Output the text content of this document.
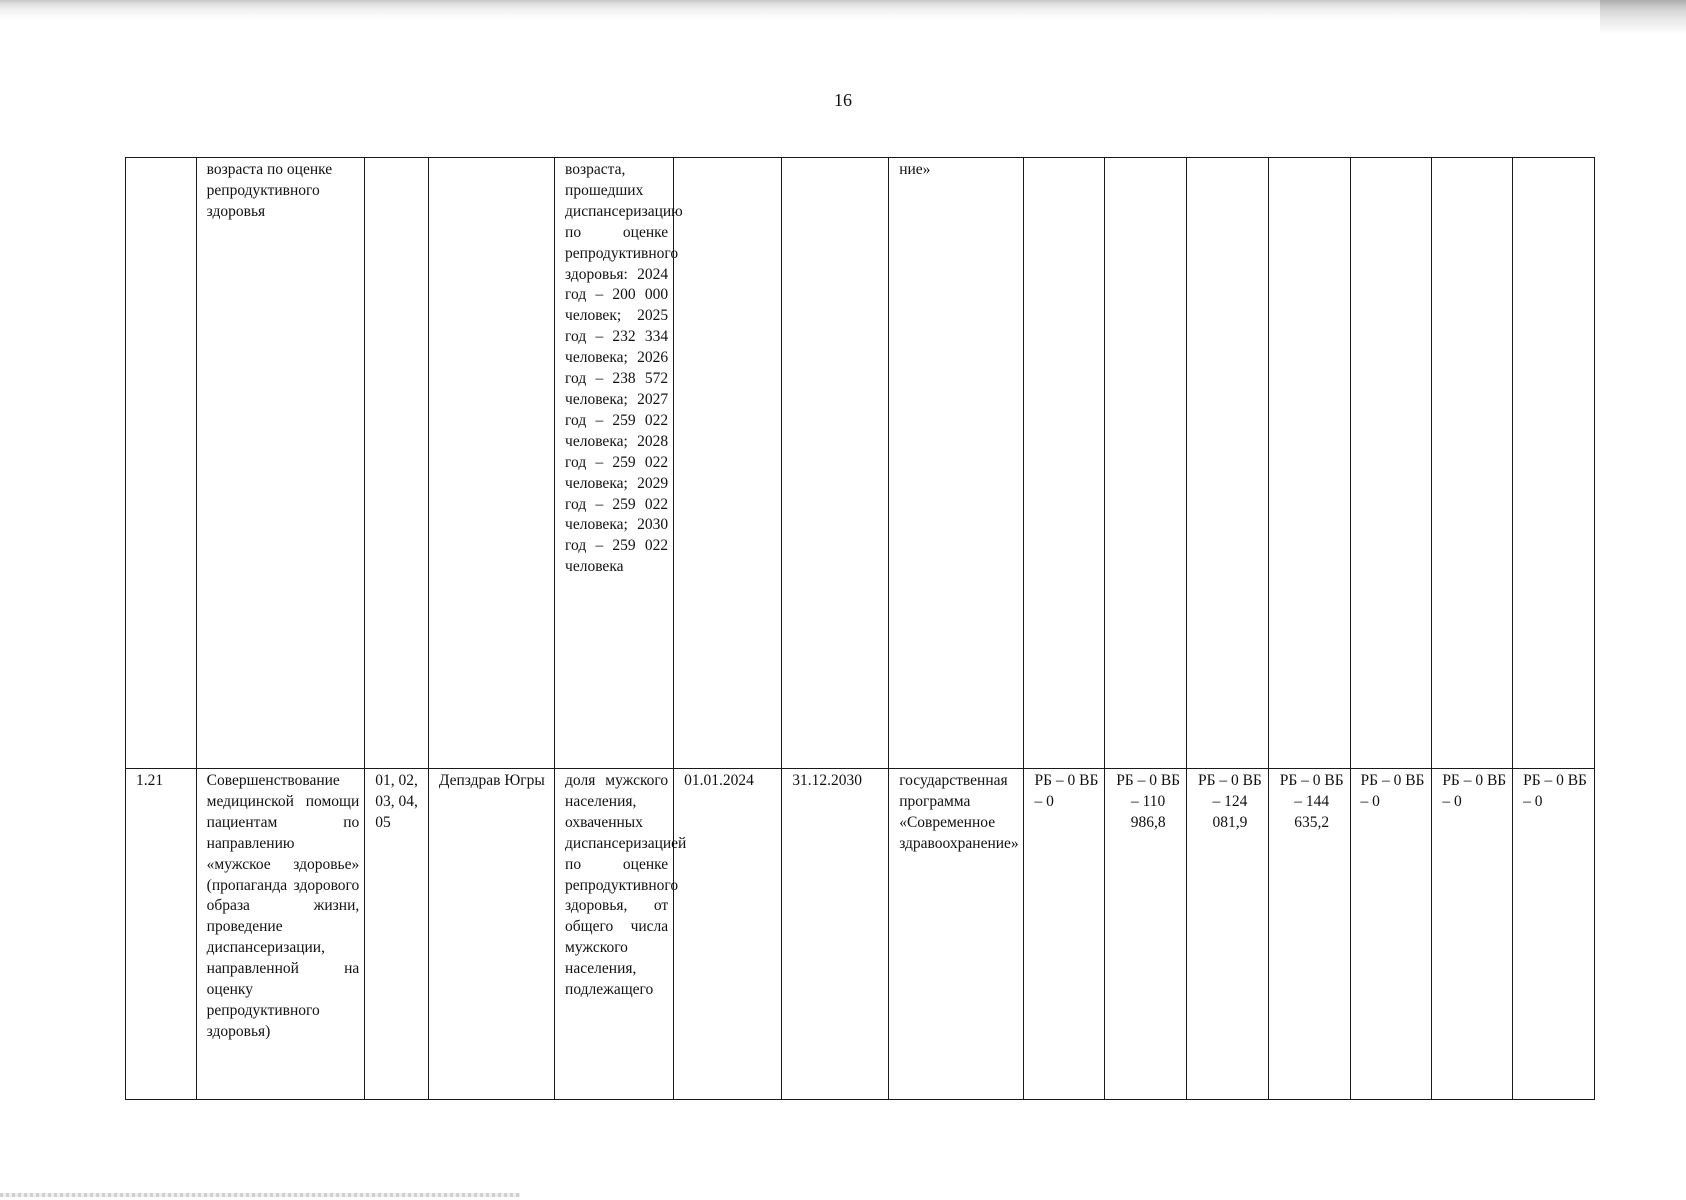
16
	возраста по оценке репродуктивного здоровья			возраста, прошедших диспансеризацию по оценке репродуктивного здоровья: 2024 год – 200 000 человек; 2025 год – 232 334 человека; 2026 год – 238 572 человека; 2027 год – 259 022 человека; 2028 год – 259 022 человека; 2029 год – 259 022 человека; 2030 год – 259 022 человека			ние»							
1.21	Совершенствование медицинской помощи пациентам по направлению «мужское здоровье» (пропаганда здорового образа жизни, проведение диспансеризации, направленной на оценку репродуктивного здоровья)	01, 02, 03, 04, 05	Депздрав Югры	доля мужского населения, охваченных диспансеризацией по оценке репродуктивного здоровья, от общего числа мужского населения, подлежащего	01.01.2024	31.12.2030	государственная программа «Современное здравоохранение»	РБ – 0 ВБ – 0	РБ – 0 ВБ – 110 986,8	РБ – 0 ВБ – 124 081,9	РБ – 0 ВБ – 144 635,2	РБ – 0 ВБ – 0	РБ – 0 ВБ – 0	РБ – 0 ВБ – 0
